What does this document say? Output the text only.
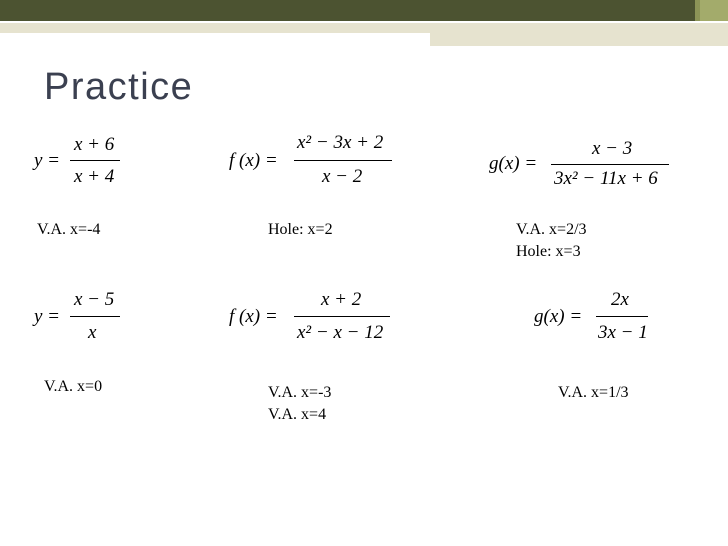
Practice
y =
x + 6
x + 4
V.A. x=-4
f (x) =
x² − 3x + 2
x − 2
Hole: x=2
g(x) =
x − 3
3x² − 11x + 6
V.A. x=2/3
Hole: x=3
y =
x − 5
x
V.A. x=0
f (x) =
x + 2
x² − x − 12
V.A. x=-3
V.A. x=4
g(x) =
2x
3x − 1
V.A. x=1/3
